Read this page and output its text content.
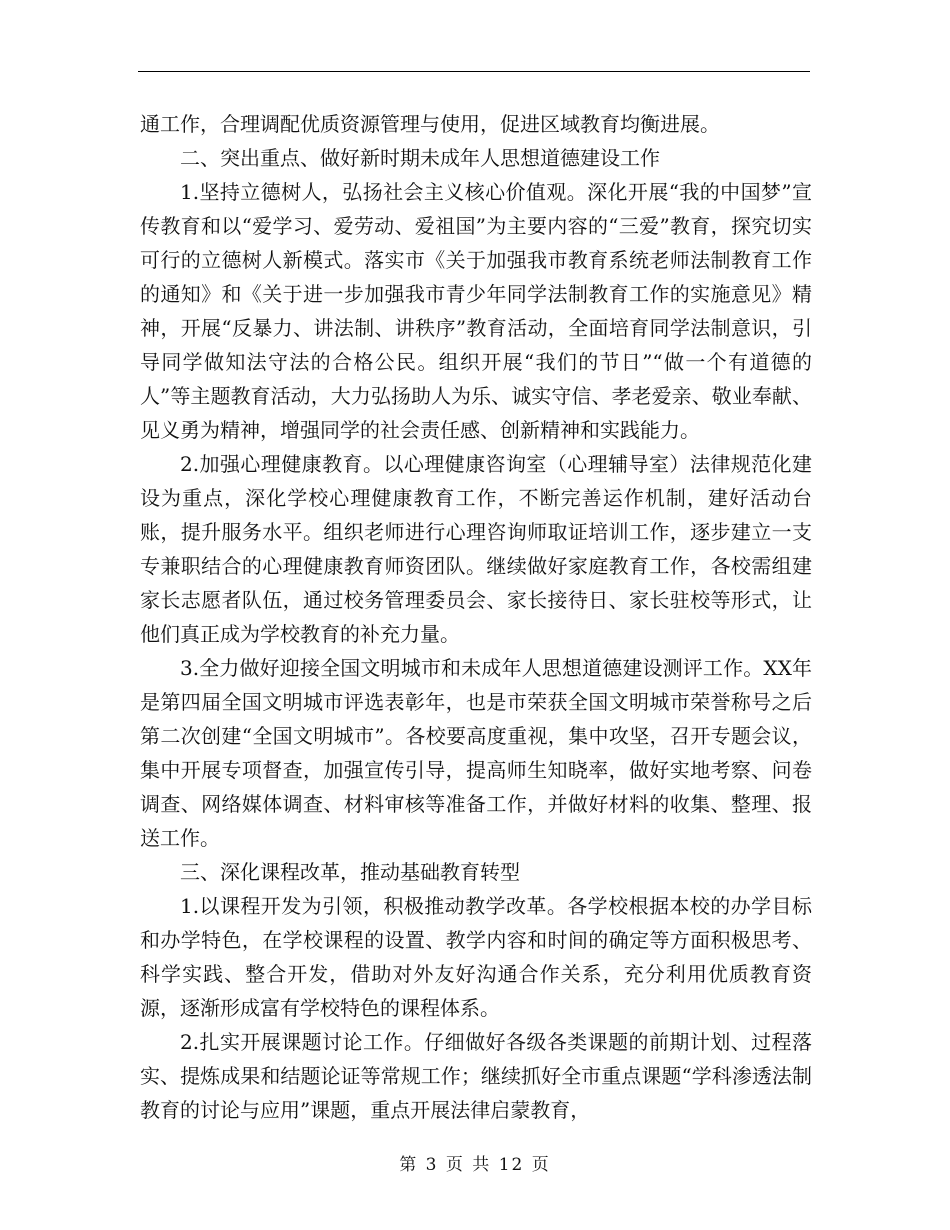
通工作，合理调配优质资源管理与使用，促进区域教育均衡进展。

二、突出重点、做好新时期未成年人思想道德建设工作

1.坚持立德树人，弘扬社会主义核心价值观。深化开展“我的中国梦”宣传教育和以“爱学习、爱劳动、爱祖国”为主要内容的“三爱”教育，探究切实可行的立德树人新模式。落实市《关于加强我市教育系统老师法制教育工作的通知》和《关于进一步加强我市青少年同学法制教育工作的实施意见》精神，开展“反暴力、讲法制、讲秩序”教育活动，全面培育同学法制意识，引导同学做知法守法的合格公民。组织开展“我们的节日”“做一个有道德的人”等主题教育活动，大力弘扬助人为乐、诚实守信、孝老爱亲、敬业奉献、见义勇为精神，增强同学的社会责任感、创新精神和实践能力。

2.加强心理健康教育。以心理健康咨询室（心理辅导室）法律规范化建设为重点，深化学校心理健康教育工作，不断完善运作机制，建好活动台账，提升服务水平。组织老师进行心理咨询师取证培训工作，逐步建立一支专兼职结合的心理健康教育师资团队。继续做好家庭教育工作，各校需组建家长志愿者队伍，通过校务管理委员会、家长接待日、家长驻校等形式，让他们真正成为学校教育的补充力量。

3.全力做好迎接全国文明城市和未成年人思想道德建设测评工作。XX年是第四届全国文明城市评选表彰年，也是市荣获全国文明城市荣誉称号之后第二次创建“全国文明城市”。各校要高度重视，集中攻坚，召开专题会议，集中开展专项督查，加强宣传引导，提高师生知晓率，做好实地考察、问卷调查、网络媒体调查、材料审核等准备工作，并做好材料的收集、整理、报送工作。

三、深化课程改革，推动基础教育转型

1.以课程开发为引领，积极推动教学改革。各学校根据本校的办学目标和办学特色，在学校课程的设置、教学内容和时间的确定等方面积极思考、科学实践、整合开发，借助对外友好沟通合作关系，充分利用优质教育资源，逐渐形成富有学校特色的课程体系。

2.扎实开展课题讨论工作。仔细做好各级各类课题的前期计划、过程落实、提炼成果和结题论证等常规工作；继续抓好全市重点课题“学科渗透法制教育的讨论与应用”课题，重点开展法律启蒙教育，

第 3 页 共 12 页
